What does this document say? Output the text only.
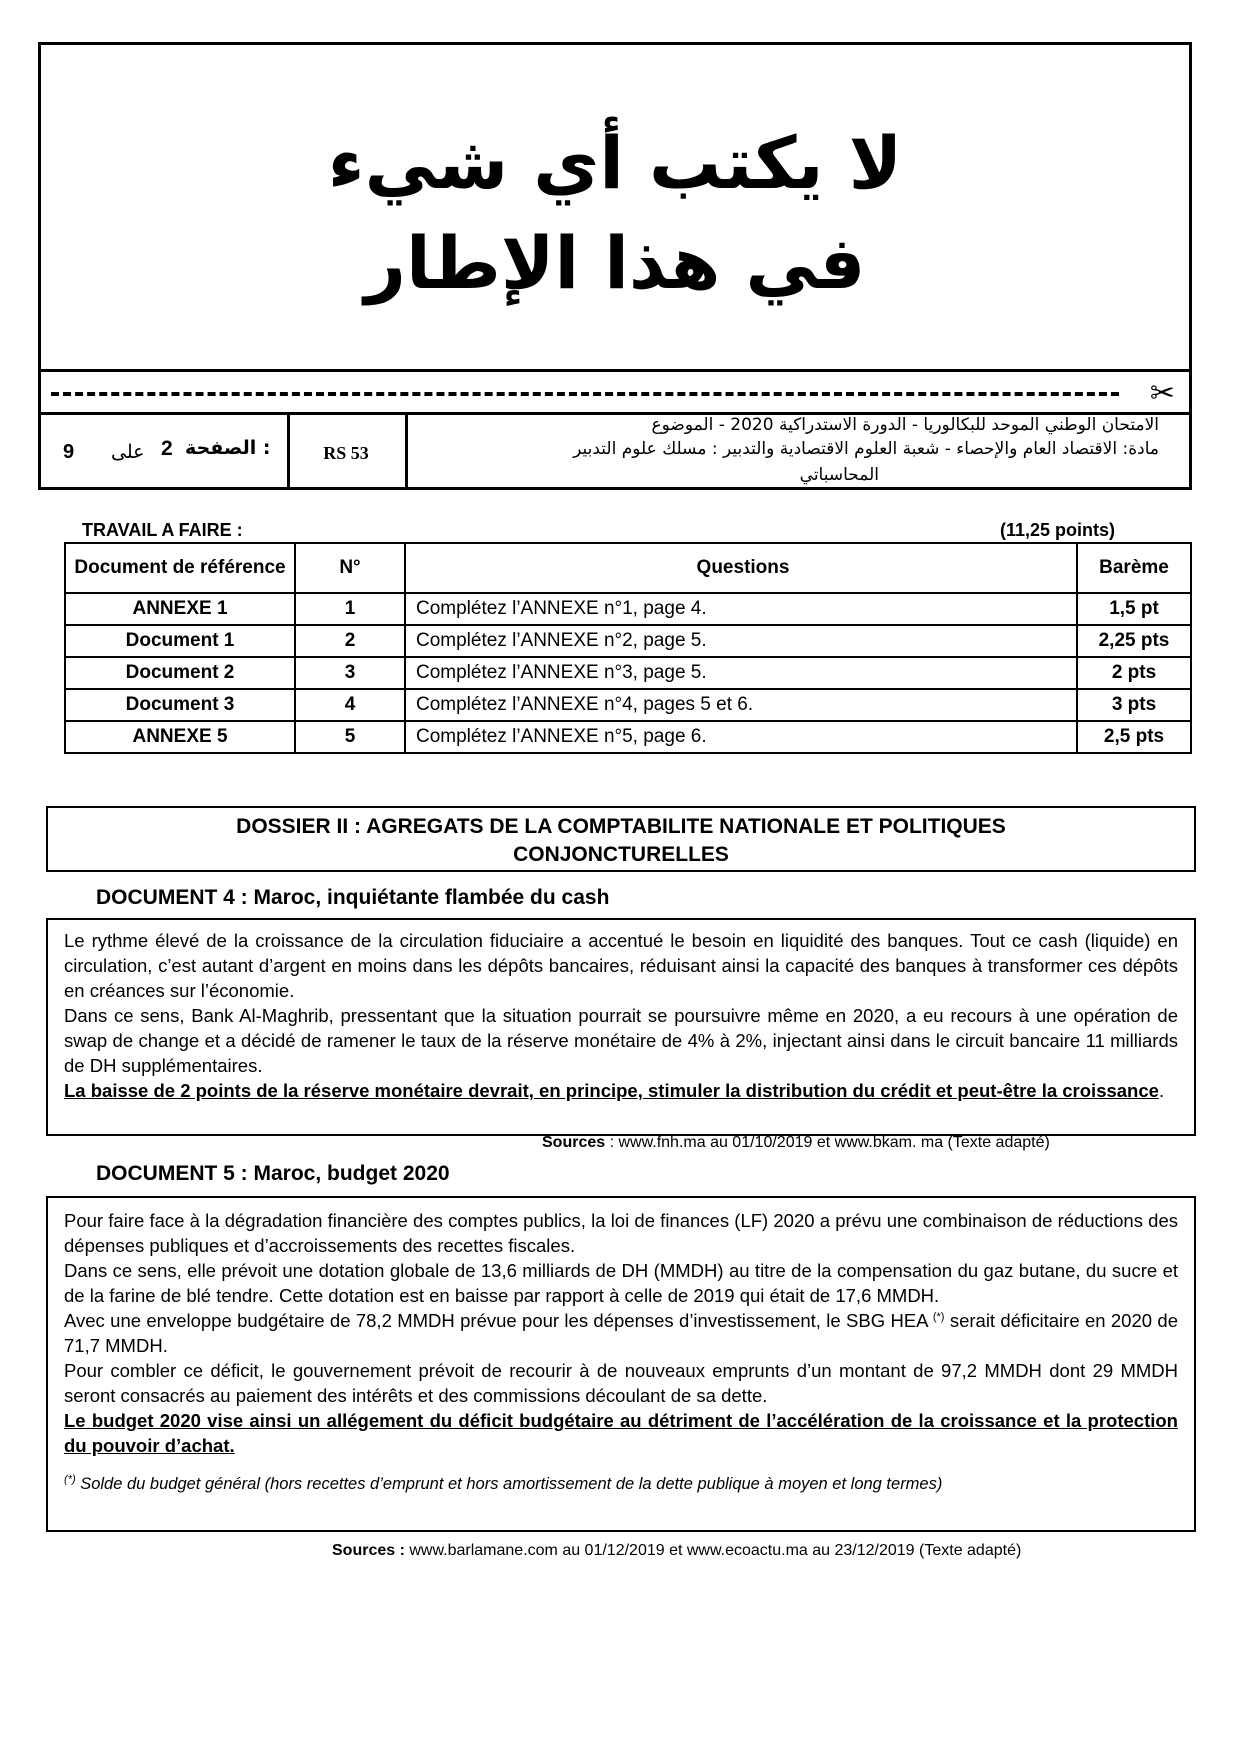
لا يكتب أي شيء
في هذا الإطار
✂
9 على 2 الصفحة :	RS 53
الامتحان الوطني الموحد للبكالوريا - الدورة الاستدراكية 2020 - الموضوع
مادة: الاقتصاد العام والإحصاء - شعبة العلوم الاقتصادية والتدبير : مسلك علوم التدبير
المحاسباتي
TRAVAIL A FAIRE :	(11,25 points)
Document de référence	N°	Questions	Barème
ANNEXE 1	1	Complétez l’ANNEXE n°1, page 4.	1,5 pt
Document 1	2	Complétez l’ANNEXE n°2, page 5.	2,25 pts
Document 2	3	Complétez l’ANNEXE n°3, page 5.	2 pts
Document 3	4	Complétez l’ANNEXE n°4, pages 5 et 6.	3 pts
ANNEXE 5	5	Complétez l’ANNEXE n°5, page 6.	2,5 pts
DOSSIER II : AGREGATS DE LA COMPTABILITE NATIONALE ET POLITIQUES
CONJONCTURELLES
DOCUMENT 4 : Maroc, inquiétante flambée du cash

Le rythme élevé de la croissance de la circulation fiduciaire a accentué le besoin en liquidité des banques. Tout ce cash (liquide) en circulation, c’est autant d’argent en moins dans les dépôts bancaires, réduisant ainsi la capacité des banques à transformer ces dépôts en créances sur l’économie.

Dans ce sens, Bank Al-Maghrib, pressentant que la situation pourrait se poursuivre même en 2020, a eu recours à une opération de swap de change et a décidé de ramener le taux de la réserve monétaire de 4% à 2%, injectant ainsi dans le circuit bancaire 11 milliards de DH supplémentaires.

La baisse de 2 points de la réserve monétaire devrait, en principe, stimuler la distribution du crédit et peut-être la croissance.

Sources : www.fnh.ma au 01/10/2019 et www.bkam. ma (Texte adapté)
DOCUMENT 5 : Maroc, budget 2020

Pour faire face à la dégradation financière des comptes publics, la loi de finances (LF) 2020 a prévu une combinaison de réductions des dépenses publiques et d’accroissements des recettes fiscales.

Dans ce sens, elle prévoit une dotation globale de 13,6 milliards de DH (MMDH) au titre de la compensation du gaz butane, du sucre et de la farine de blé tendre. Cette dotation est en baisse par rapport à celle de 2019 qui était de 17,6 MMDH.

Avec une enveloppe budgétaire de 78,2 MMDH prévue pour les dépenses d’investissement, le SBG HEA (*) serait déficitaire en 2020 de 71,7 MMDH.

Pour combler ce déficit, le gouvernement prévoit de recourir à de nouveaux emprunts d’un montant de 97,2 MMDH dont 29 MMDH seront consacrés au paiement des intérêts et des commissions découlant de sa dette.

Le budget 2020 vise ainsi un allégement du déficit budgétaire au détriment de l’accélération de la croissance et la protection du pouvoir d’achat.

(*) Solde du budget général (hors recettes d’emprunt et hors amortissement de la dette publique à moyen et long termes)

Sources : www.barlamane.com au 01/12/2019 et www.ecoactu.ma au 23/12/2019 (Texte adapté)
